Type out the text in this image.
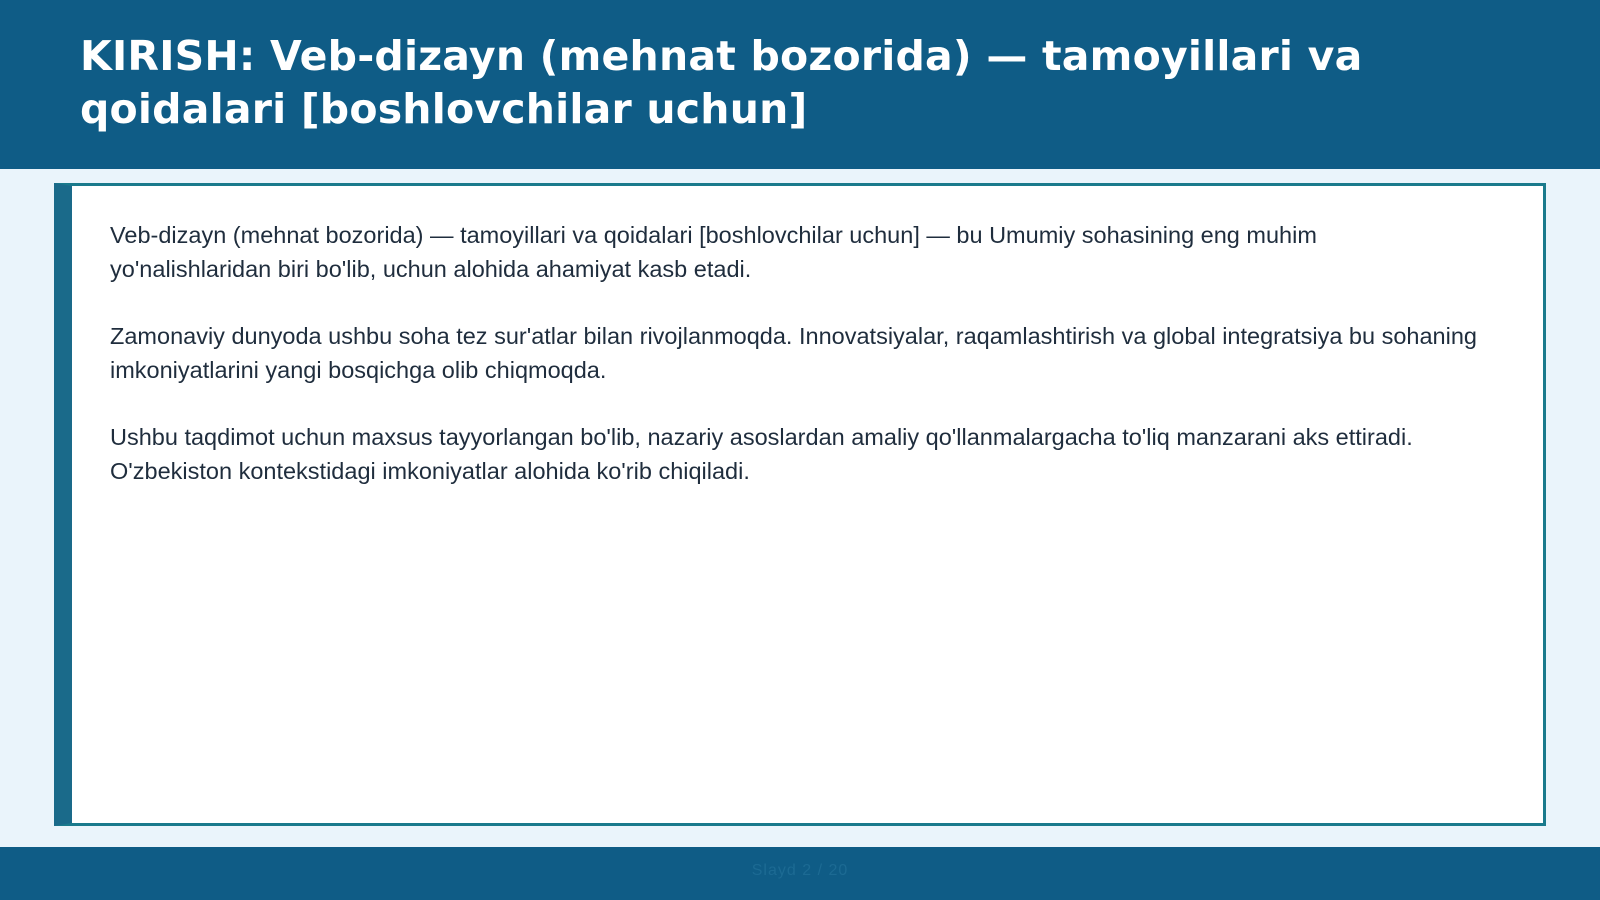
KIRISH: Veb-dizayn (mehnat bozorida) — tamoyillari va qoidalari [boshlovchilar uchun]

Veb-dizayn (mehnat bozorida) — tamoyillari va qoidalari [boshlovchilar uchun] — bu Umumiy sohasining eng muhim yo'nalishlaridan biri bo'lib, uchun alohida ahamiyat kasb etadi.

Zamonaviy dunyoda ushbu soha tez sur'atlar bilan rivojlanmoqda. Innovatsiyalar, raqamlashtirish va global integratsiya bu sohaning imkoniyatlarini yangi bosqichga olib chiqmoqda.

Ushbu taqdimot uchun maxsus tayyorlangan bo'lib, nazariy asoslardan amaliy qo'llanmalargacha to'liq manzarani aks ettiradi. O'zbekiston kontekstidagi imkoniyatlar alohida ko'rib chiqiladi.

Slayd 2 / 20
